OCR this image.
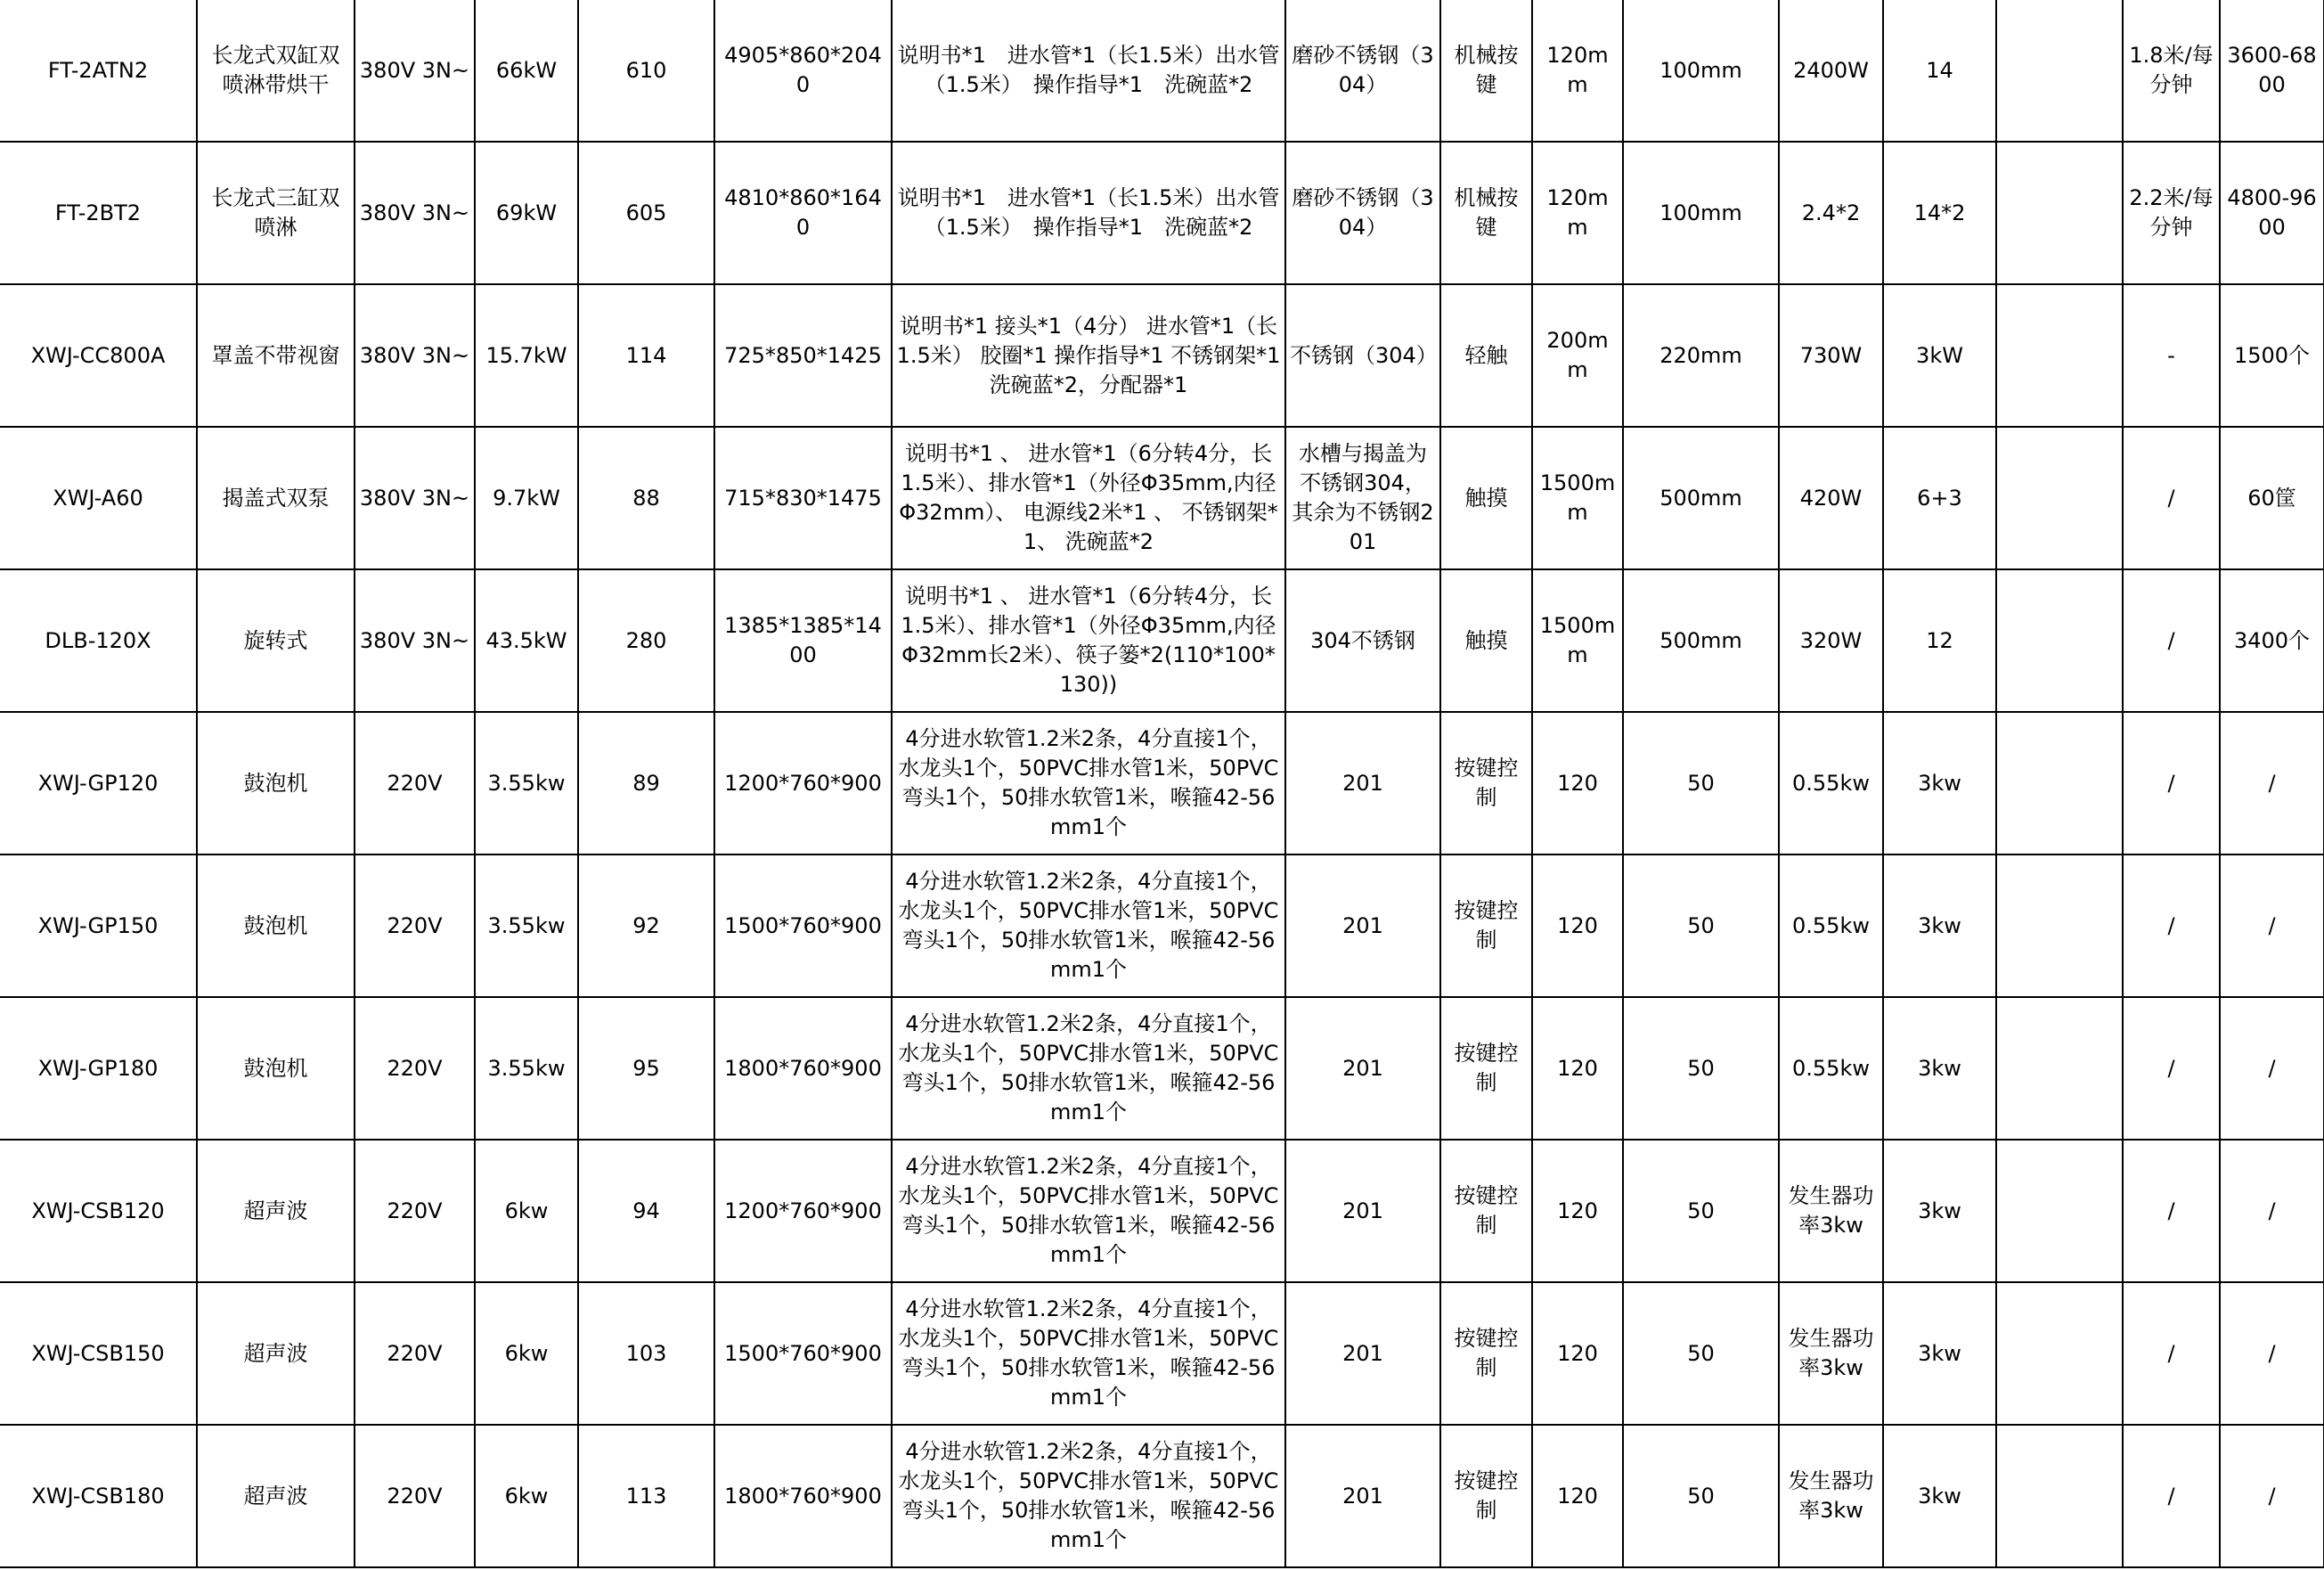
FT-2ATN2	长龙式双缸双喷淋带烘干	380V 3N~	66kW	610	4905*860*2040	说明书*1　进水管*1（长1.5米）出水管（1.5米）　操作指导*1　洗碗蓝*2	磨砂不锈钢（304）	机械按键	120mm	100mm	2400W	14		1.8米/每分钟	3600-6800
FT-2BT2	长龙式三缸双喷淋	380V 3N~	69kW	605	4810*860*1640	说明书*1　进水管*1（长1.5米）出水管（1.5米）　操作指导*1　洗碗蓝*2	磨砂不锈钢（304）	机械按键	120mm	100mm	2.4*2	14*2		2.2米/每分钟	4800-9600
XWJ-CC800A	罩盖不带视窗	380V 3N~	15.7kW	114	725*850*1425	说明书*1 接头*1（4分） 进水管*1（长1.5米） 胶圈*1 操作指导*1 不锈钢架*1 洗碗蓝*2，分配器*1	不锈钢（304）	轻触	200mm	220mm	730W	3kW		-	1500个
XWJ-A60	揭盖式双泵	380V 3N~	9.7kW	88	715*830*1475	说明书*1 、 进水管*1（6分转4分，长1.5米）、排水管*1（外径Φ35mm,内径Φ32mm）、 电源线2米*1 、 不锈钢架*1、 洗碗蓝*2	水槽与揭盖为不锈钢304，其余为不锈钢201	触摸	1500mm	500mm	420W	6+3		/	60筐
DLB-120X	旋转式	380V 3N~	43.5kW	280	1385*1385*1400	说明书*1 、 进水管*1（6分转4分，长1.5米）、排水管*1（外径Φ35mm,内径Φ32mm长2米）、筷子篓*2(110*100*130))	304不锈钢	触摸	1500mm	500mm	320W	12		/	3400个
XWJ-GP120	鼓泡机	220V	3.55kw	89	1200*760*900	4分进水软管1.2米2条，4分直接1个，水龙头1个，50PVC排水管1米，50PVC弯头1个，50排水软管1米，喉箍42-56mm1个	201	按键控制	120	50	0.55kw	3kw		/	/
XWJ-GP150	鼓泡机	220V	3.55kw	92	1500*760*900	4分进水软管1.2米2条，4分直接1个，水龙头1个，50PVC排水管1米，50PVC弯头1个，50排水软管1米，喉箍42-56mm1个	201	按键控制	120	50	0.55kw	3kw		/	/
XWJ-GP180	鼓泡机	220V	3.55kw	95	1800*760*900	4分进水软管1.2米2条，4分直接1个，水龙头1个，50PVC排水管1米，50PVC弯头1个，50排水软管1米，喉箍42-56mm1个	201	按键控制	120	50	0.55kw	3kw		/	/
XWJ-CSB120	超声波	220V	6kw	94	1200*760*900	4分进水软管1.2米2条，4分直接1个，水龙头1个，50PVC排水管1米，50PVC弯头1个，50排水软管1米，喉箍42-56mm1个	201	按键控制	120	50	发生器功率3kw	3kw		/	/
XWJ-CSB150	超声波	220V	6kw	103	1500*760*900	4分进水软管1.2米2条，4分直接1个，水龙头1个，50PVC排水管1米，50PVC弯头1个，50排水软管1米，喉箍42-56mm1个	201	按键控制	120	50	发生器功率3kw	3kw		/	/
XWJ-CSB180	超声波	220V	6kw	113	1800*760*900	4分进水软管1.2米2条，4分直接1个，水龙头1个，50PVC排水管1米，50PVC弯头1个，50排水软管1米，喉箍42-56mm1个	201	按键控制	120	50	发生器功率3kw	3kw		/	/
